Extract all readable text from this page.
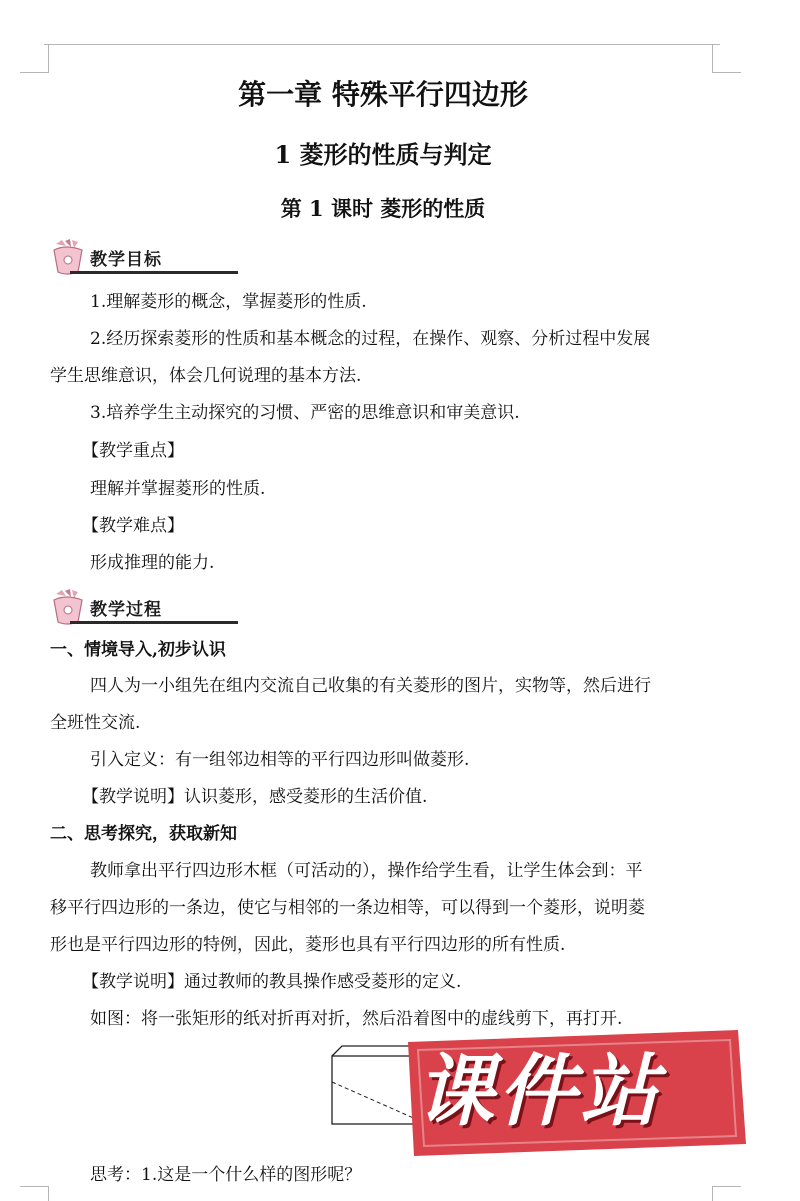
第一章 特殊平行四边形
1 菱形的性质与判定
第 1 课时 菱形的性质
教学目标
1.理解菱形的概念，掌握菱形的性质.
2.经历探索菱形的性质和基本概念的过程，在操作、观察、分析过程中发展
学生思维意识，体会几何说理的基本方法.
3.培养学生主动探究的习惯、严密的思维意识和审美意识.
【教学重点】
理解并掌握菱形的性质.
【教学难点】
形成推理的能力.
教学过程
一、情境导入,初步认识
四人为一小组先在组内交流自己收集的有关菱形的图片，实物等，然后进行
全班性交流.
引入定义：有一组邻边相等的平行四边形叫做菱形.
【教学说明】认识菱形，感受菱形的生活价值.
二、思考探究，获取新知
教师拿出平行四边形木框（可活动的），操作给学生看，让学生体会到：平
移平行四边形的一条边，使它与相邻的一条边相等，可以得到一个菱形，说明菱
形也是平行四边形的特例，因此，菱形也具有平行四边形的所有性质.
【教学说明】通过教师的教具操作感受菱形的定义.
如图：将一张矩形的纸对折再对折，然后沿着图中的虚线剪下，再打开.
思考：1.这是一个什么样的图形呢？
课件站
